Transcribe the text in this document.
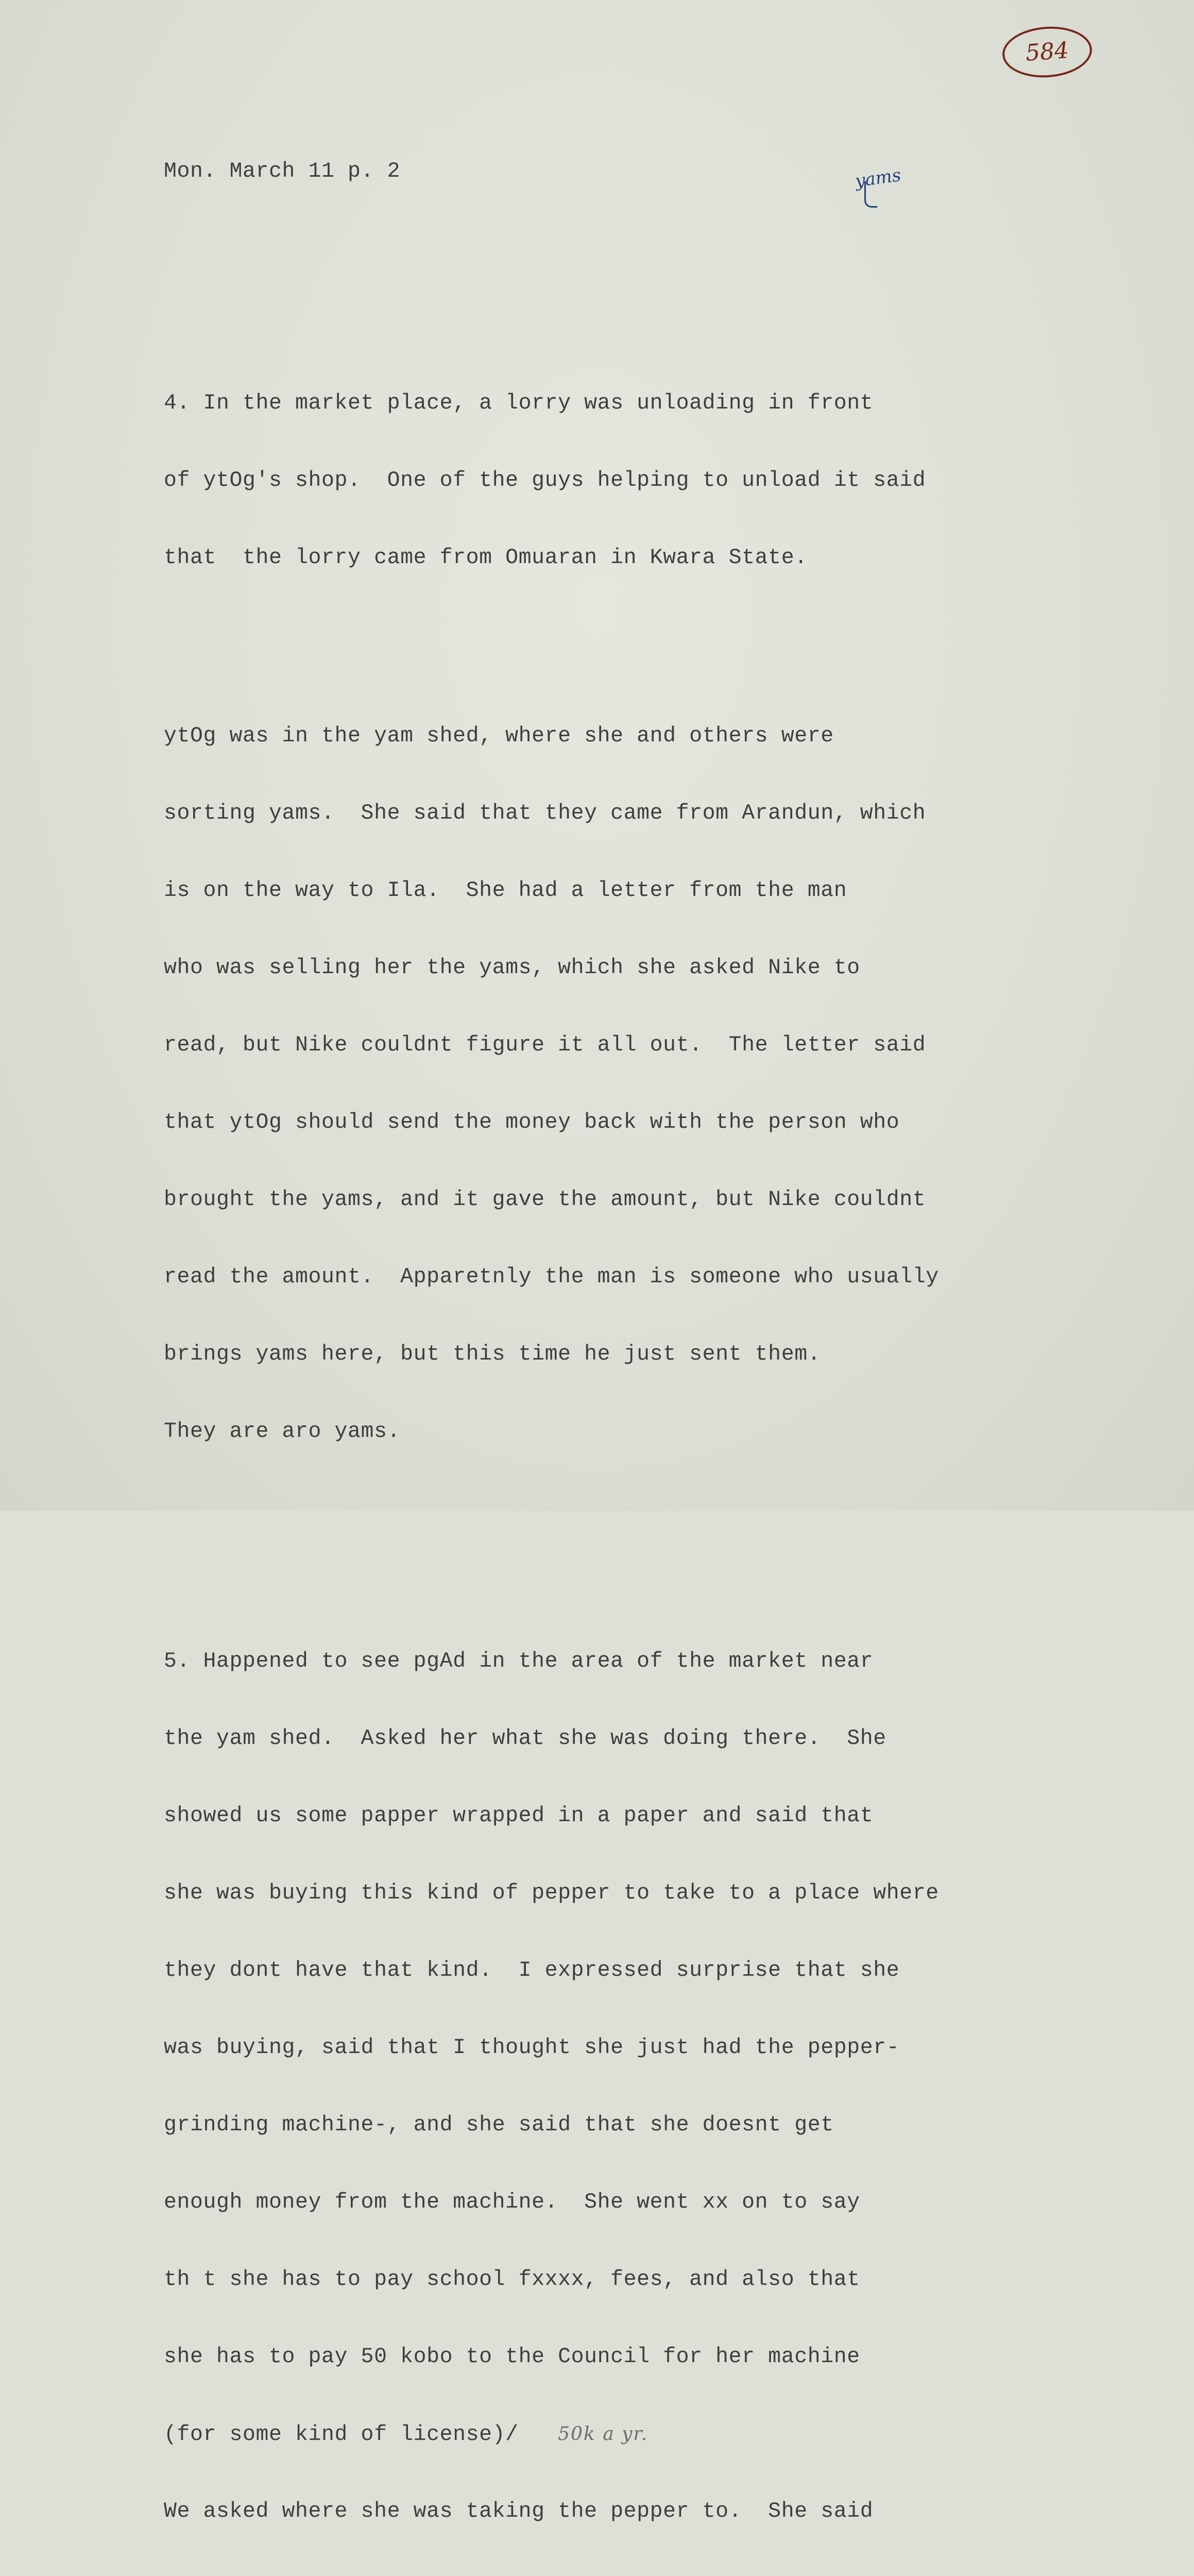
584
yams

Mon. March 11 p. 2

4. In the market place, a lorry was unloading in front

of ytOg's shop.  One of the guys helping to unload it said

that  the lorry came from Omuaran in Kwara State.

ytOg was in the yam shed, where she and others were

sorting yams.  She said that they came from Arandun, which

is on the way to Ila.  She had a letter from the man

who was selling her the yams, which she asked Nike to

read, but Nike couldnt figure it all out.  The letter said

that ytOg should send the money back with the person who

brought the yams, and it gave the amount, but Nike couldnt

read the amount.  Apparetnly the man is someone who usually

brings yams here, but this time he just sent them.

They are aro yams.

5. Happened to see pgAd in the area of the market near

the yam shed.  Asked her what she was doing there.  She

showed us some papper wrapped in a paper and said that

she was buying this kind of pepper to take to a place where

they dont have that kind.  I expressed surprise that she

was buying, said that I thought she just had the pepper-

grinding machine-, and she said that she doesnt get

enough money from the machine.  She went xx on to say

th t she has to pay school fxxxx, fees, and also that

she has to pay 50 kobo to the Council for her machine

(for some kind of license)/ 50k a yr.

We asked where she was taking the pepper to.  She said
